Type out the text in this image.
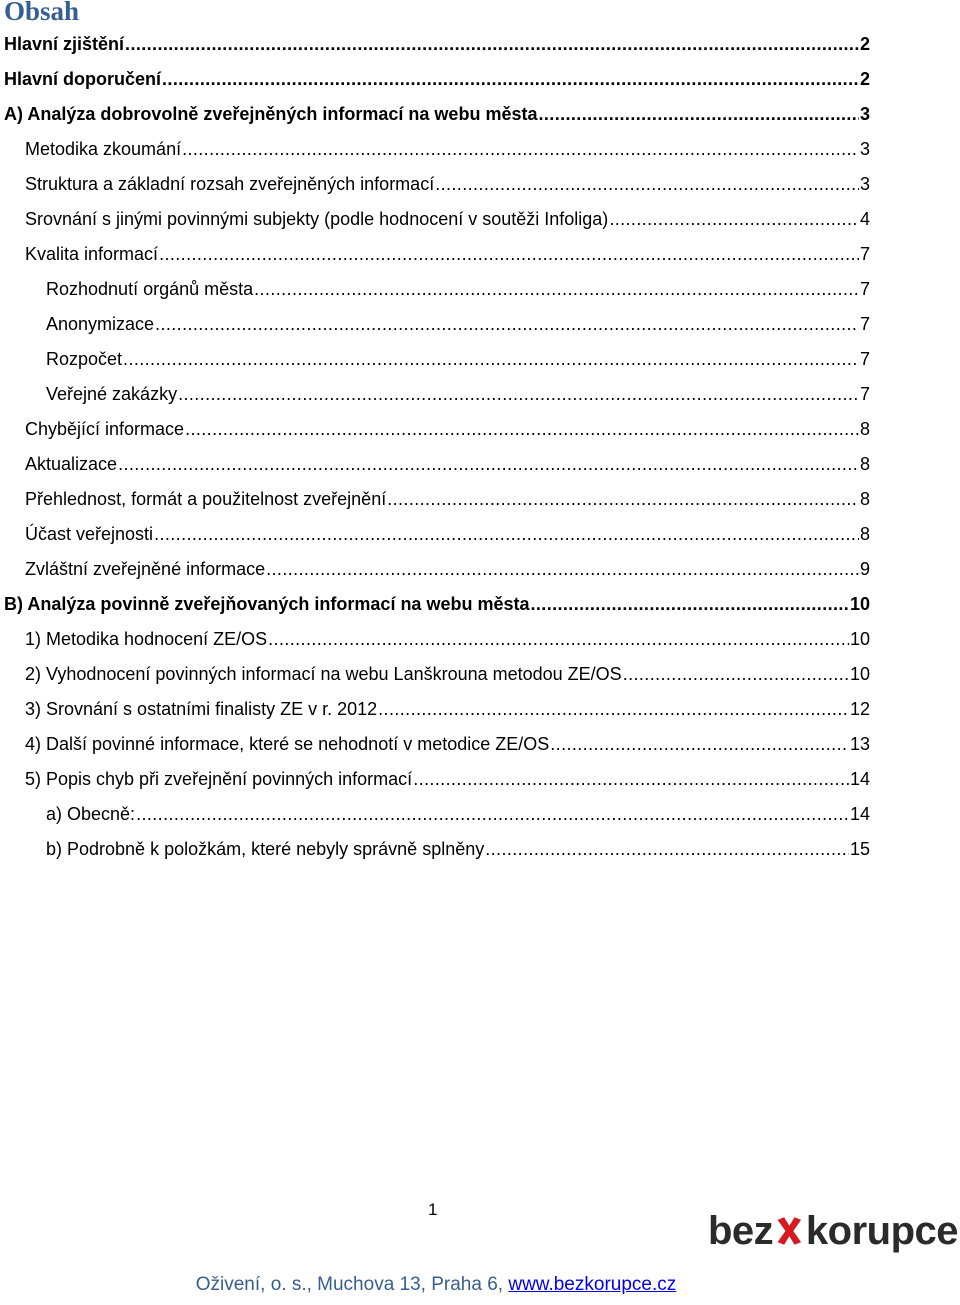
Obsah
Hlavní zjištění . . .	2
Hlavní doporučení . . .	2
A) Analýza dobrovolně zveřejněných informací na webu města . . .	3
Metodika zkoumání . . .	3
Struktura a základní rozsah zveřejněných informací . . .	3
Srovnání s jinými povinnými subjekty (podle hodnocení v soutěži Infoliga) . . .	4
Kvalita informací . . .	7
Rozhodnutí orgánů města . . .	7
Anonymizace . . .	7
Rozpočet . . .	7
Veřejné zakázky . . .	7
Chybějící informace . . .	8
Aktualizace . . .	8
Přehlednost, formát a použitelnost zveřejnění . . .	8
Účast veřejnosti . . .	8
Zvláštní zveřejněné informace . . .	9
B) Analýza povinně zveřejňovaných informací na webu města . . .	10
1) Metodika hodnocení ZE/OS . . .	10
2) Vyhodnocení povinných informací na webu Lanškrouna metodou ZE/OS . . .	10
3) Srovnání s ostatními finalisty ZE v r. 2012 . . .	12
4) Další povinné informace, které se nehodnotí v metodice ZE/OS . . .	13
5) Popis chyb při zveřejnění povinných informací . . .	14
a) Obecně: . . .	14
b) Podrobně k položkám, které nebyly správně splněny . . .	15
1	bez korupce
Oživení, o. s., Muchova 13, Praha 6, www.bezkorupce.cz
